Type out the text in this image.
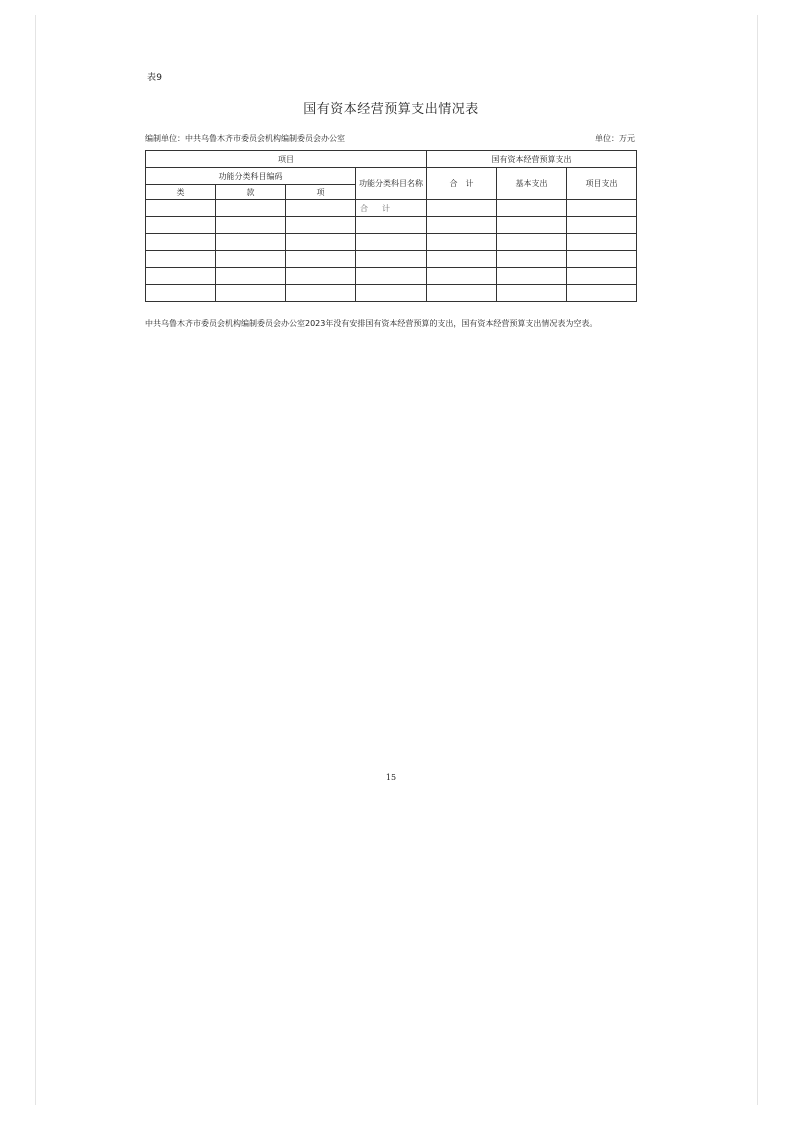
表9
国有资本经营预算支出情况表
编制单位：中共乌鲁木齐市委员会机构编制委员会办公室	单位：万元
项目				国有资本经营预算支出		
功能分类科目编码			功能分类科目名称	合　计	基本支出	项目支出
类	款	项				
			合　计			

中共乌鲁木齐市委员会机构编制委员会办公室2023年没有安排国有资本经营预算的支出，国有资本经营预算支出情况表为空表。
15
